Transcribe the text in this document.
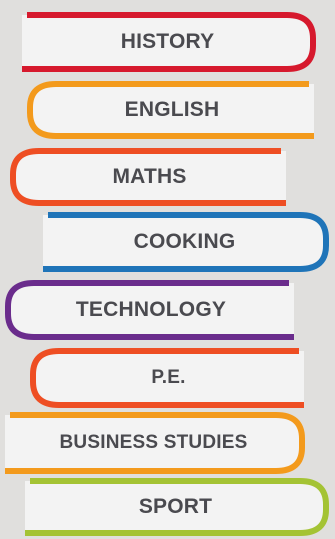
HISTORY
ENGLISH
MATHS
COOKING
TECHNOLOGY
P.E.
BUSINESS STUDIES
SPORT
